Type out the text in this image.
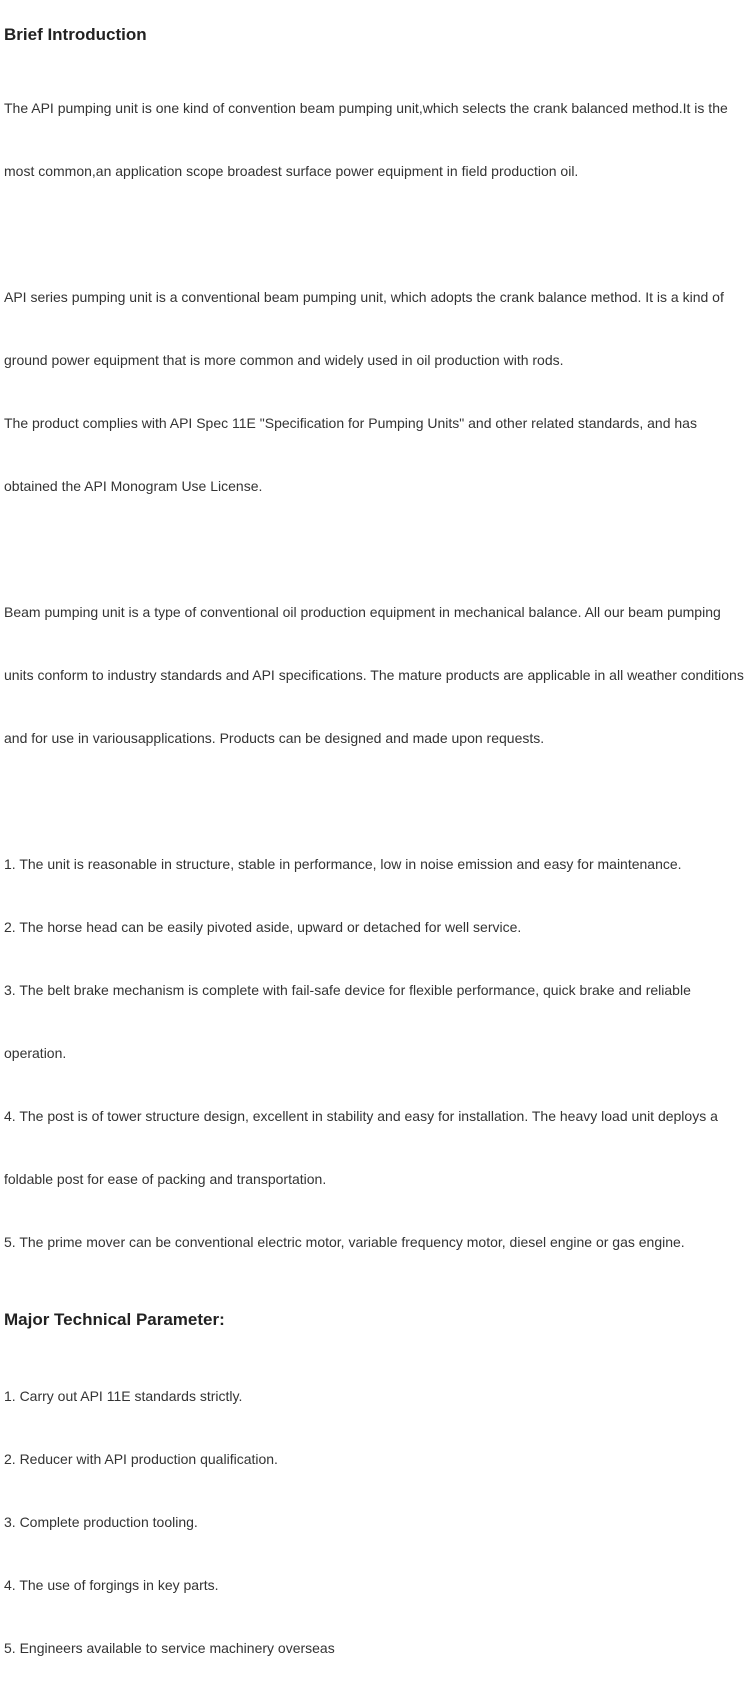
Brief Introduction

The API pumping unit is one kind of convention beam pumping unit,which selects the crank balanced method.It is the

most common,an application scope broadest surface power equipment in field production oil.

API series pumping unit is a conventional beam pumping unit, which adopts the crank balance method. It is a kind of

ground power equipment that is more common and widely used in oil production with rods.

The product complies with API Spec 11E "Specification for Pumping Units" and other related standards, and has

obtained the API Monogram Use License.

Beam pumping unit is a type of conventional oil production equipment in mechanical balance. All our beam pumping

units conform to industry standards and API specifications. The mature products are applicable in all weather conditions

and for use in variousapplications. Products can be designed and made upon requests.

1. The unit is reasonable in structure, stable in performance, low in noise emission and easy for maintenance.

2. The horse head can be easily pivoted aside, upward or detached for well service.

3. The belt brake mechanism is complete with fail-safe device for flexible performance, quick brake and reliable

operation.

4. The post is of tower structure design, excellent in stability and easy for installation. The heavy load unit deploys a

foldable post for ease of packing and transportation.

5. The prime mover can be conventional electric motor, variable frequency motor, diesel engine or gas engine.

Major Technical Parameter:

1. Carry out API 11E standards strictly.

2. Reducer with API production qualification.

3. Complete production tooling.

4. The use of forgings in key parts.

5. Engineers available to service machinery overseas
